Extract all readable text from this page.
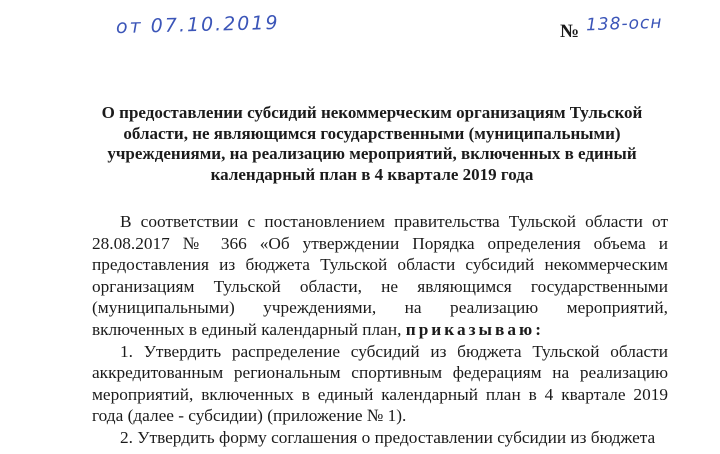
от 07.10.2019	№ 138-осн
О предоставлении субсидий некоммерческим организациям Тульской
области, не являющимся государственными (муниципальными)
учреждениями, на реализацию мероприятий, включенных в единый
календарный план в 4 квартале 2019 года

В соответствии с постановлением правительства Тульской области от 28.08.2017 № 366 «Об утверждении Порядка определения объема и предоставления из бюджета Тульской области субсидий некоммерческим организациям Тульской области, не являющимся государственными (муниципальными) учреждениями, на реализацию мероприятий, включенных в единый календарный план, приказываю:

1. Утвердить распределение субсидий из бюджета Тульской области аккредитованным региональным спортивным федерациям на реализацию мероприятий, включенных в единый календарный план в 4 квартале 2019 года (далее - субсидии) (приложение № 1).

2. Утвердить форму соглашения о предоставлении субсидии из бюджета
